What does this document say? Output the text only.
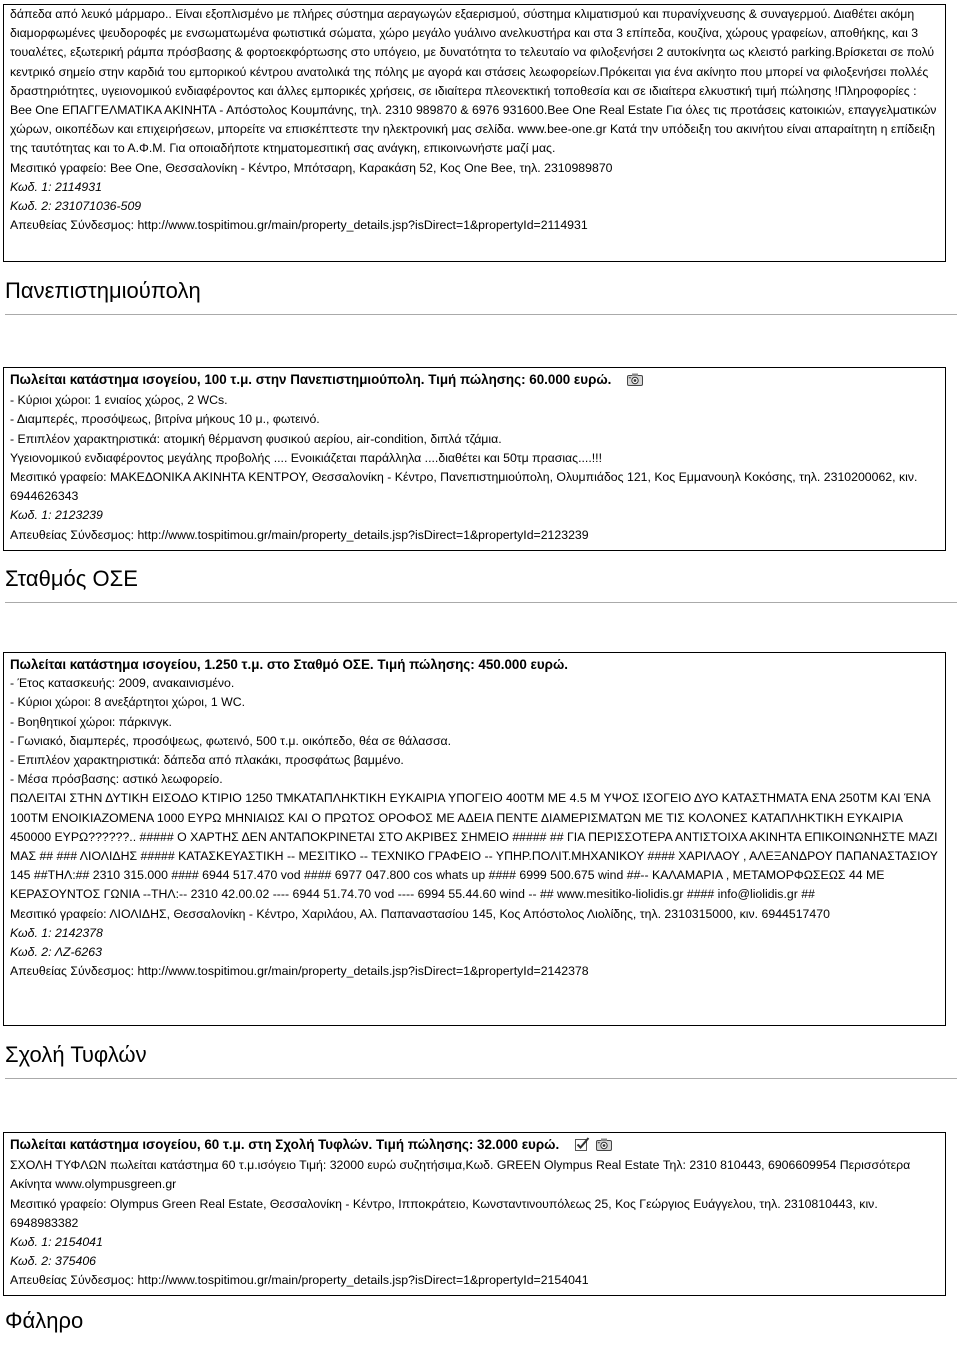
δάπεδα από λευκό μάρμαρο.. Είναι εξοπλισμένο με πλήρες σύστημα αεραγωγών εξαερισμού, σύστημα κλιματισμού και πυρανίχνευσης & συναγερμού. Διαθέτει ακόμη διαμορφωμένες ψευδοροφές με ενσωματωμένα φωτιστικά σώματα, χώρο μεγάλο γυάλινο ανελκυστήρα και στα 3 επίπεδα, κουζίνα, χώρους γραφείων, αποθήκης, και 3 τουαλέτες, εξωτερική ράμπα πρόσβασης & φορτοεκφόρτωσης στο υπόγειο, με δυνατότητα το τελευταίο να φιλοξενήσει 2 αυτοκίνητα ως κλειστό parking.Βρίσκεται σε πολύ κεντρικό σημείο στην καρδιά του εμπορικού κέντρου ανατολικά της πόλης με αγορά και στάσεις λεωφορείων.Πρόκειται για ένα ακίνητο που μπορεί να φιλοξενήσει πολλές δραστηριότητες, υγειονομικού ενδιαφέροντος και άλλες εμπορικές χρήσεις, σε ιδιαίτερα πλεονεκτική τοποθεσία και σε ιδιαίτερα ελκυστική τιμή πώλησης !Πληροφορίες : Bee One ΕΠΑΓΓΕΛΜΑΤΙΚΑ ΑΚΙΝΗΤΑ - Απόστολος Κουμπάνης, τηλ. 2310 989870 & 6976 931600.Bee One Real Estate Για όλες τις προτάσεις κατοικιών, επαγγελματικών χώρων, οικοπέδων και επιχειρήσεων, μπορείτε να επισκέπτεστε την ηλεκτρονική μας σελίδα. www.bee-one.gr Κατά την υπόδειξη του ακινήτου είναι απαραίτητη η επίδειξη της ταυτότητας και το Α.Φ.Μ. Για οποιαδήποτε κτηματομεσιτική σας ανάγκη, επικοινωνήστε μαζί μας.

Μεσιτικό γραφείο: Bee One, Θεσσαλονίκη - Κέντρο, Μπότσαρη, Καρακάση 52, Κος One Bee, τηλ. 2310989870

Κωδ. 1: 2114931

Κωδ. 2: 231071036-509

Απευθείας Σύνδεσμος: http://www.tospitimou.gr/main/property_details.jsp?isDirect=1&propertyId=2114931

Πανεπιστημιούπολη

Πωλείται κατάστημα ισογείου, 100 τ.μ. στην Πανεπιστημιούπολη. Τιμή πώλησης: 60.000 ευρώ.

- Κύριοι χώροι: 1 ενιαίος χώρος, 2 WCs.

- Διαμπερές, προσόψεως, βιτρίνα μήκους 10 μ., φωτεινό.

- Επιπλέον χαρακτηριστικά: ατομική θέρμανση φυσικού αερίου, air-condition, διπλά τζάμια.

Υγειονομικού ενδιαφέροντος μεγάλης προβολής .... Ενοικιάζεται παράλληλα ....διαθέτει και 50τμ πρασιας....!!!

Μεσιτικό γραφείο: ΜΑΚΕΔΟΝΙΚΑ ΑΚΙΝΗΤΑ ΚΕΝΤΡΟΥ, Θεσσαλονίκη - Κέντρο, Πανεπιστημιούπολη, Ολυμπιάδος 121, Κος Εμμανουηλ Κοκόσης, τηλ. 2310200062, κιν. 6944626343

Κωδ. 1: 2123239

Απευθείας Σύνδεσμος: http://www.tospitimou.gr/main/property_details.jsp?isDirect=1&propertyId=2123239

Σταθμός ΟΣΕ

Πωλείται κατάστημα ισογείου, 1.250 τ.μ. στο Σταθμό ΟΣΕ. Τιμή πώλησης: 450.000 ευρώ.

- Έτος κατασκευής: 2009, ανακαινισμένο.

- Κύριοι χώροι: 8 ανεξάρτητοι χώροι, 1 WC.

- Βοηθητικοί χώροι: πάρκινγκ.

- Γωνιακό, διαμπερές, προσόψεως, φωτεινό, 500 τ.μ. οικόπεδο, θέα σε θάλασσα.

- Επιπλέον χαρακτηριστικά: δάπεδα από πλακάκι, προσφάτως βαμμένο.

- Μέσα πρόσβασης: αστικό λεωφορείο.

ΠΩΛΕΙΤΑΙ ΣΤΗΝ ΔΥΤΙΚΗ ΕΙΣΟΔΟ ΚΤΙΡΙΟ 1250 ΤΜΚΑΤΑΠΛΗΚΤΙΚΗ ΕΥΚΑΙΡΙΑ ΥΠΟΓΕΙΟ 400ΤΜ ΜΕ 4.5 Μ ΥΨΟΣ ΙΣΟΓΕΙΟ ΔΥΟ ΚΑΤΑΣΤΗΜΑΤΑ ΕΝΑ 250ΤΜ ΚΑΙ ΈΝΑ 100ΤΜ ΕΝΟΙΚΙΑΖΟΜΕΝΑ 1000 ΕΥΡΩ ΜΗΝΙΑΙΩΣ ΚΑΙ Ο ΠΡΩΤΟΣ ΟΡΟΦΟΣ ΜΕ ΑΔΕΙΑ ΠΕΝΤΕ ΔΙΑΜΕΡΙΣΜΑΤΩΝ ΜΕ ΤΙΣ ΚΟΛΟΝΕΣ ΚΑΤΑΠΛΗΚΤΙΚΗ ΕΥΚΑΙΡΙΑ 450000 ΕΥΡΩ??????.. ##### Ο ΧΑΡΤΗΣ ΔΕΝ ΑΝΤΑΠΟΚΡΙΝΕΤΑΙ ΣΤΟ ΑΚΡΙΒΕΣ ΣΗΜΕΙΟ ##### ## ΓΙΑ ΠΕΡΙΣΣΟΤΕΡΑ ΑΝΤΙΣΤΟΙΧΑ ΑΚΙΝΗΤΑ ΕΠΙΚΟΙΝΩΝΗΣΤΕ ΜΑΖΙ ΜΑΣ ## ### ΛΙΟΛΙΔΗΣ ##### ΚΑΤΑΣΚΕΥΑΣΤΙΚΗ -- ΜΕΣΙΤΙΚΟ -- ΤΕΧΝΙΚΟ ΓΡΑΦΕΙΟ -- ΥΠΗΡ.ΠΟΛΙΤ.ΜΗΧΑΝΙΚΟΥ #### ΧΑΡΙΛΑΟΥ , ΑΛΕΞΑΝΔΡΟΥ ΠΑΠΑΝΑΣΤΑΣΙΟΥ 145 ##ΤΗΛ:## 2310 315.000 #### 6944 517.470 vod #### 6977 047.800 cos whats up #### 6999 500.675 wind ##-- ΚΑΛΑΜΑΡΙΑ , ΜΕΤΑΜΟΡΦΩΣΕΩΣ 44 ΜΕ ΚΕΡΑΣΟΥΝΤΟΣ ΓΩΝΙΑ --ΤΗΛ:-- 2310 42.00.02 ---- 6944 51.74.70 vod ---- 6994 55.44.60 wind -- ## www.mesitiko-liolidis.gr #### info@liolidis.gr ##

Μεσιτικό γραφείο: ΛΙΟΛΙΔΗΣ, Θεσσαλονίκη - Κέντρο, Χαριλάου, Αλ. Παπαναστασίου 145, Κος Απόστολος Λιολίδης, τηλ. 2310315000, κιν. 6944517470

Κωδ. 1: 2142378

Κωδ. 2: ΛΖ-6263

Απευθείας Σύνδεσμος: http://www.tospitimou.gr/main/property_details.jsp?isDirect=1&propertyId=2142378

Σχολή Τυφλών

Πωλείται κατάστημα ισογείου, 60 τ.μ. στη Σχολή Τυφλών. Τιμή πώλησης: 32.000 ευρώ.

ΣΧΟΛΗ ΤΥΦΛΩΝ πωλείται κατάστημα 60 τ.μ.ισόγειο Τιμή: 32000 ευρώ συζητήσιμα,Κωδ. GREEN Olympus Real Estate Τηλ: 2310 810443, 6906609954 Περισσότερα Ακίνητα www.olympusgreen.gr

Μεσιτικό γραφείο: Olympus Green Real Estate, Θεσσαλονίκη - Κέντρο, Ιπποκράτειο, Κωνσταντινουπόλεως 25, Κος Γεώργιος Ευάγγελου, τηλ. 2310810443, κιν. 6948983382

Κωδ. 1: 2154041

Κωδ. 2: 375406

Απευθείας Σύνδεσμος: http://www.tospitimou.gr/main/property_details.jsp?isDirect=1&propertyId=2154041

Φάληρο
